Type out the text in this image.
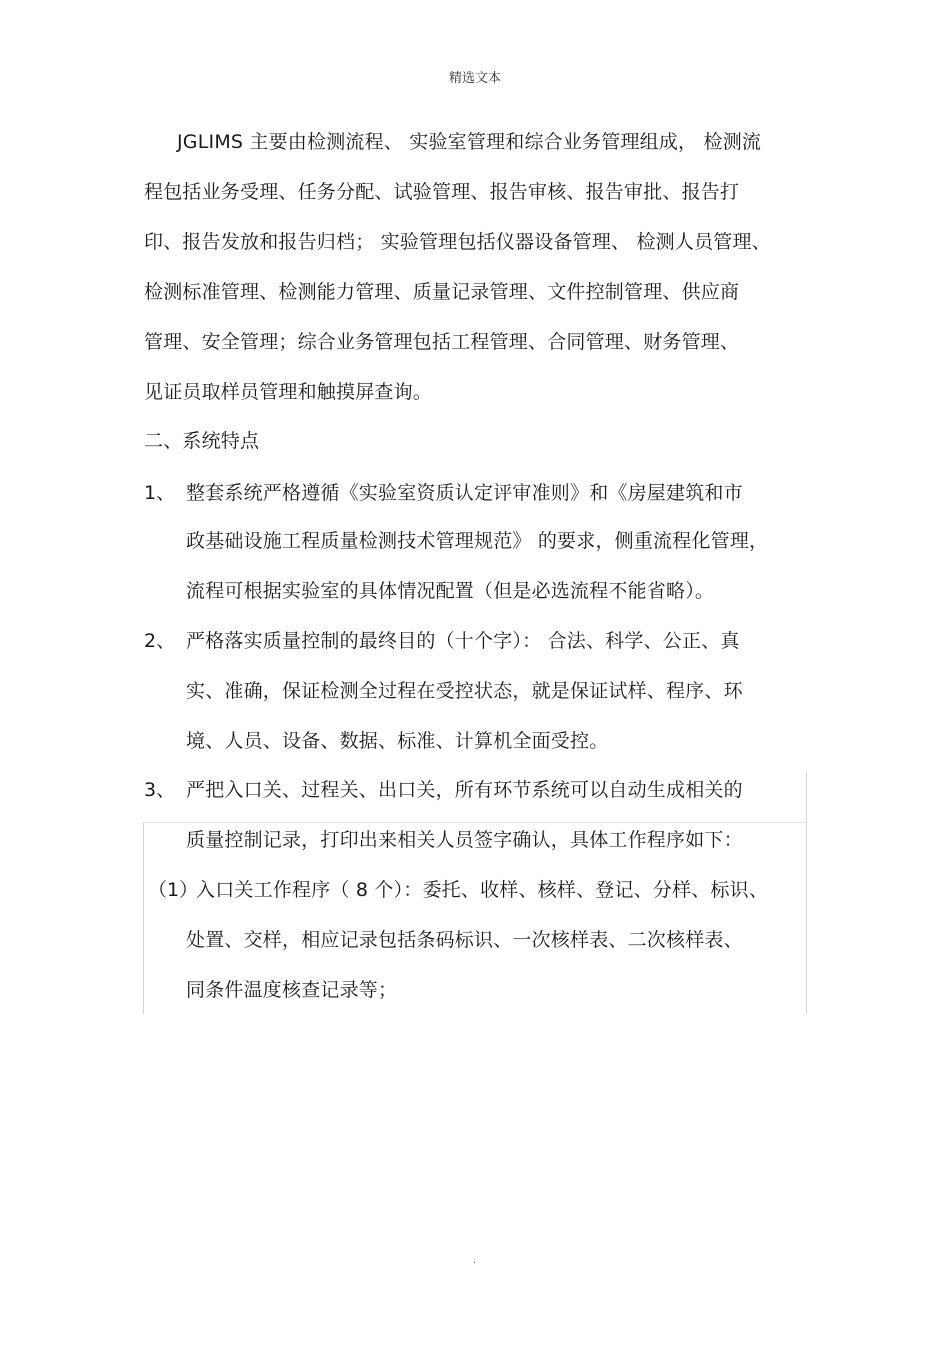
精选文本
JGLIMS 主要由检测流程、 实验室管理和综合业务管理组成， 检测流
程包括业务受理、任务分配、试验管理、报告审核、报告审批、报告打
印、报告发放和报告归档； 实验管理包括仪器设备管理、 检测人员管理、
检测标准管理、检测能力管理、质量记录管理、文件控制管理、供应商
管理、安全管理；综合业务管理包括工程管理、合同管理、财务管理、
见证员取样员管理和触摸屏查询。
二、系统特点
1、 整套系统严格遵循《实验室资质认定评审准则》和《房屋建筑和市
政基础设施工程质量检测技术管理规范》 的要求，侧重流程化管理，
流程可根据实验室的具体情况配置（但是必选流程不能省略）。
2、 严格落实质量控制的最终目的（十个字）： 合法、科学、公正、真
实、准确，保证检测全过程在受控状态，就是保证试样、程序、环
境、人员、设备、数据、标准、计算机全面受控。
3、 严把入口关、过程关、出口关，所有环节系统可以自动生成相关的
质量控制记录，打印出来相关人员签字确认，具体工作程序如下：
（1）
入口关工作程序（ 8 个）：委托、收样、核样、登记、分样、标识、
处置、交样，相应记录包括条码标识、一次核样表、二次核样表、
同条件温度核查记录等；
.
